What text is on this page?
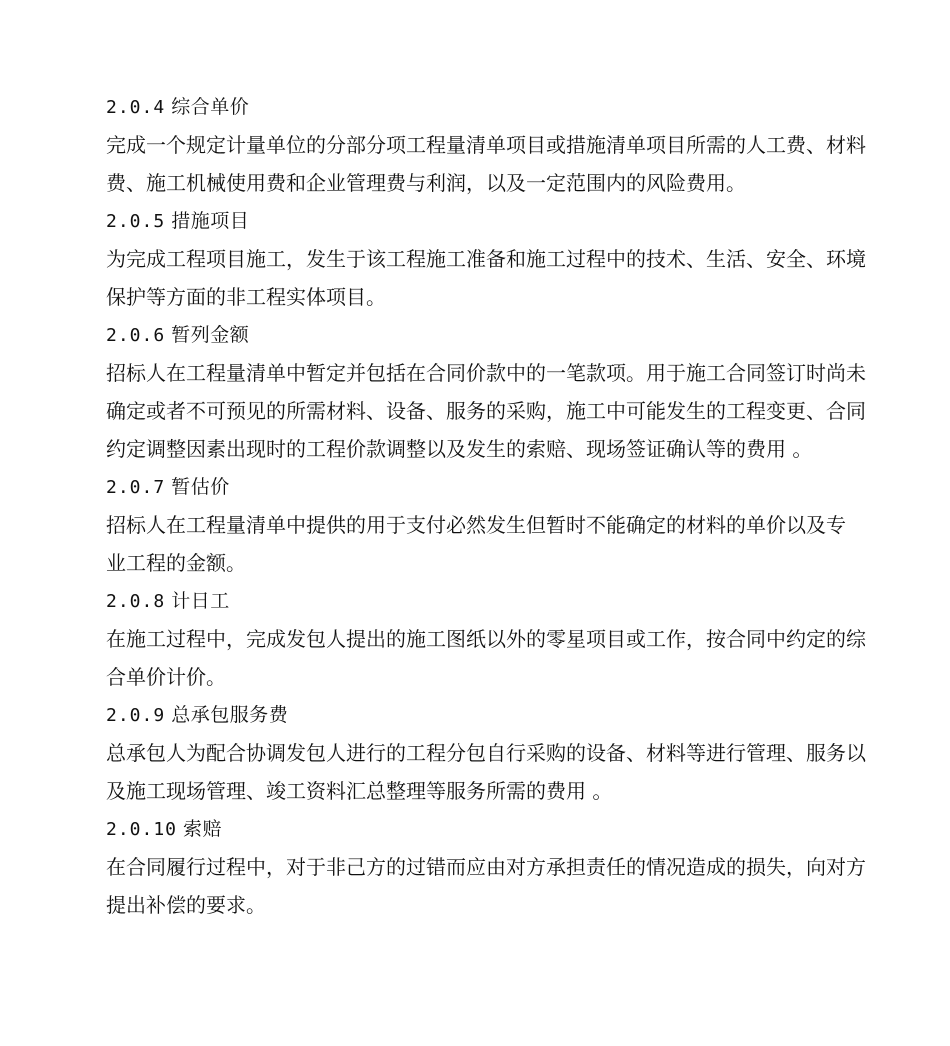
2.0.4 综合单价

完成一个规定计量单位的分部分项工程量清单项目或措施清单项目所需的人工费、材料
费、施工机械使用费和企业管理费与利润，以及一定范围内的风险费用。

2.0.5 措施项目

为完成工程项目施工，发生于该工程施工准备和施工过程中的技术、生活、安全、环境
保护等方面的非工程实体项目。

2.0.6 暂列金额

招标人在工程量清单中暂定并包括在合同价款中的一笔款项。用于施工合同签订时尚未
确定或者不可预见的所需材料、设备、服务的采购，施工中可能发生的工程变更、合同
约定调整因素出现时的工程价款调整以及发生的索赔、现场签证确认等的费用 。

2.0.7 暂估价

招标人在工程量清单中提供的用于支付必然发生但暂时不能确定的材料的单价以及专
业工程的金额。

2.0.8 计日工

在施工过程中，完成发包人提出的施工图纸以外的零星项目或工作，按合同中约定的综
合单价计价。

2.0.9 总承包服务费

总承包人为配合协调发包人进行的工程分包自行采购的设备、材料等进行管理、服务以
及施工现场管理、竣工资料汇总整理等服务所需的费用 。

2.0.10 索赔

在合同履行过程中，对于非己方的过错而应由对方承担责任的情况造成的损失，向对方
提出补偿的要求。
